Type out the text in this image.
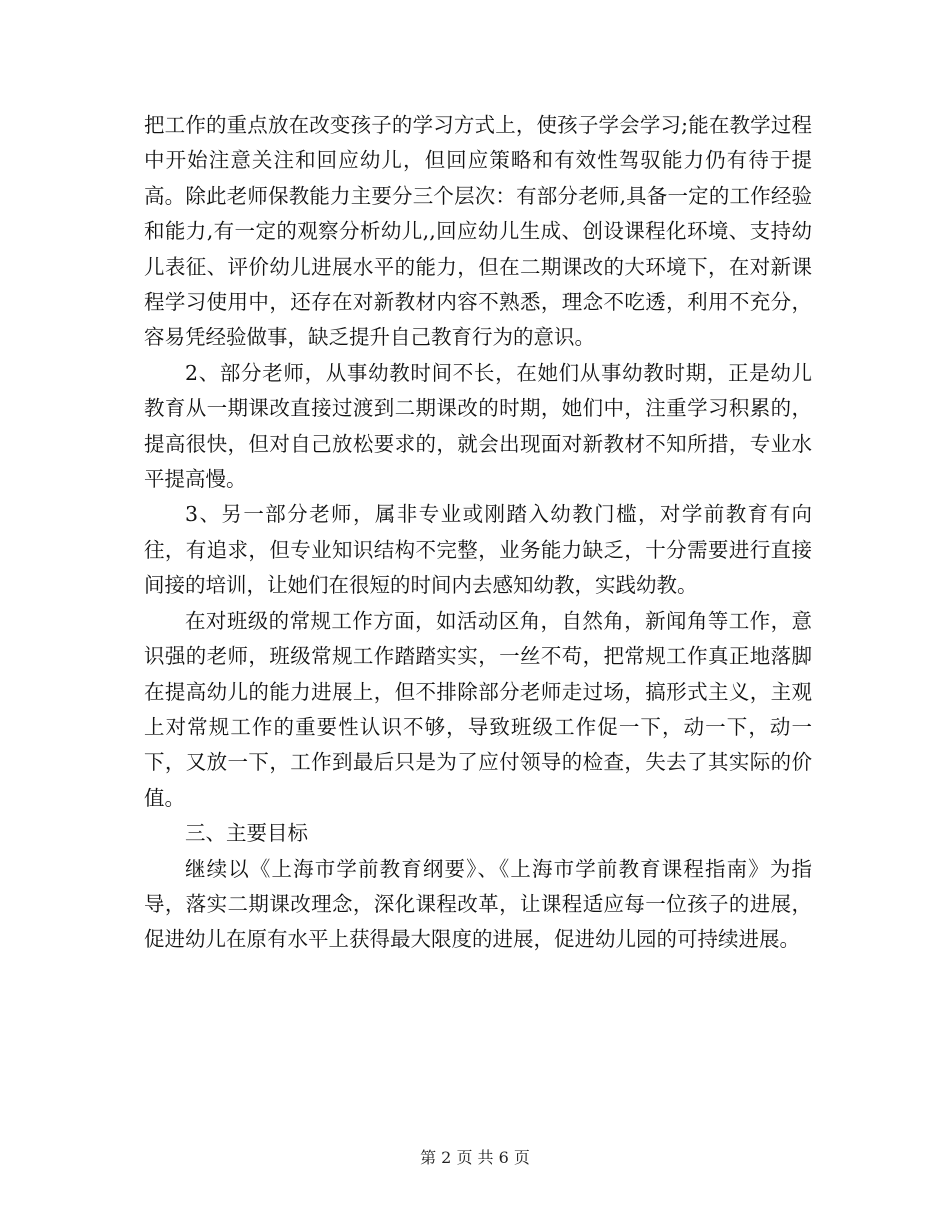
把工作的重点放在改变孩子的学习方式上，使孩子学会学习;能在教学过程中开始注意关注和回应幼儿，但回应策略和有效性驾驭能力仍有待于提高。除此老师保教能力主要分三个层次：有部分老师,具备一定的工作经验和能力,有一定的观察分析幼儿,,回应幼儿生成、创设课程化环境、支持幼儿表征、评价幼儿进展水平的能力，但在二期课改的大环境下，在对新课程学习使用中，还存在对新教材内容不熟悉，理念不吃透，利用不充分，容易凭经验做事，缺乏提升自己教育行为的意识。

2、部分老师，从事幼教时间不长，在她们从事幼教时期，正是幼儿教育从一期课改直接过渡到二期课改的时期，她们中，注重学习积累的，提高很快，但对自己放松要求的，就会出现面对新教材不知所措，专业水平提高慢。

3、另一部分老师，属非专业或刚踏入幼教门槛，对学前教育有向往，有追求，但专业知识结构不完整，业务能力缺乏，十分需要进行直接间接的培训，让她们在很短的时间内去感知幼教，实践幼教。

在对班级的常规工作方面，如活动区角，自然角，新闻角等工作，意识强的老师，班级常规工作踏踏实实，一丝不苟，把常规工作真正地落脚在提高幼儿的能力进展上，但不排除部分老师走过场，搞形式主义，主观上对常规工作的重要性认识不够，导致班级工作促一下，动一下，动一下，又放一下，工作到最后只是为了应付领导的检查，失去了其实际的价值。

三、主要目标

继续以《上海市学前教育纲要》、《上海市学前教育课程指南》为指导，落实二期课改理念，深化课程改革，让课程适应每一位孩子的进展，促进幼儿在原有水平上获得最大限度的进展，促进幼儿园的可持续进展。

第 2 页 共 6 页
